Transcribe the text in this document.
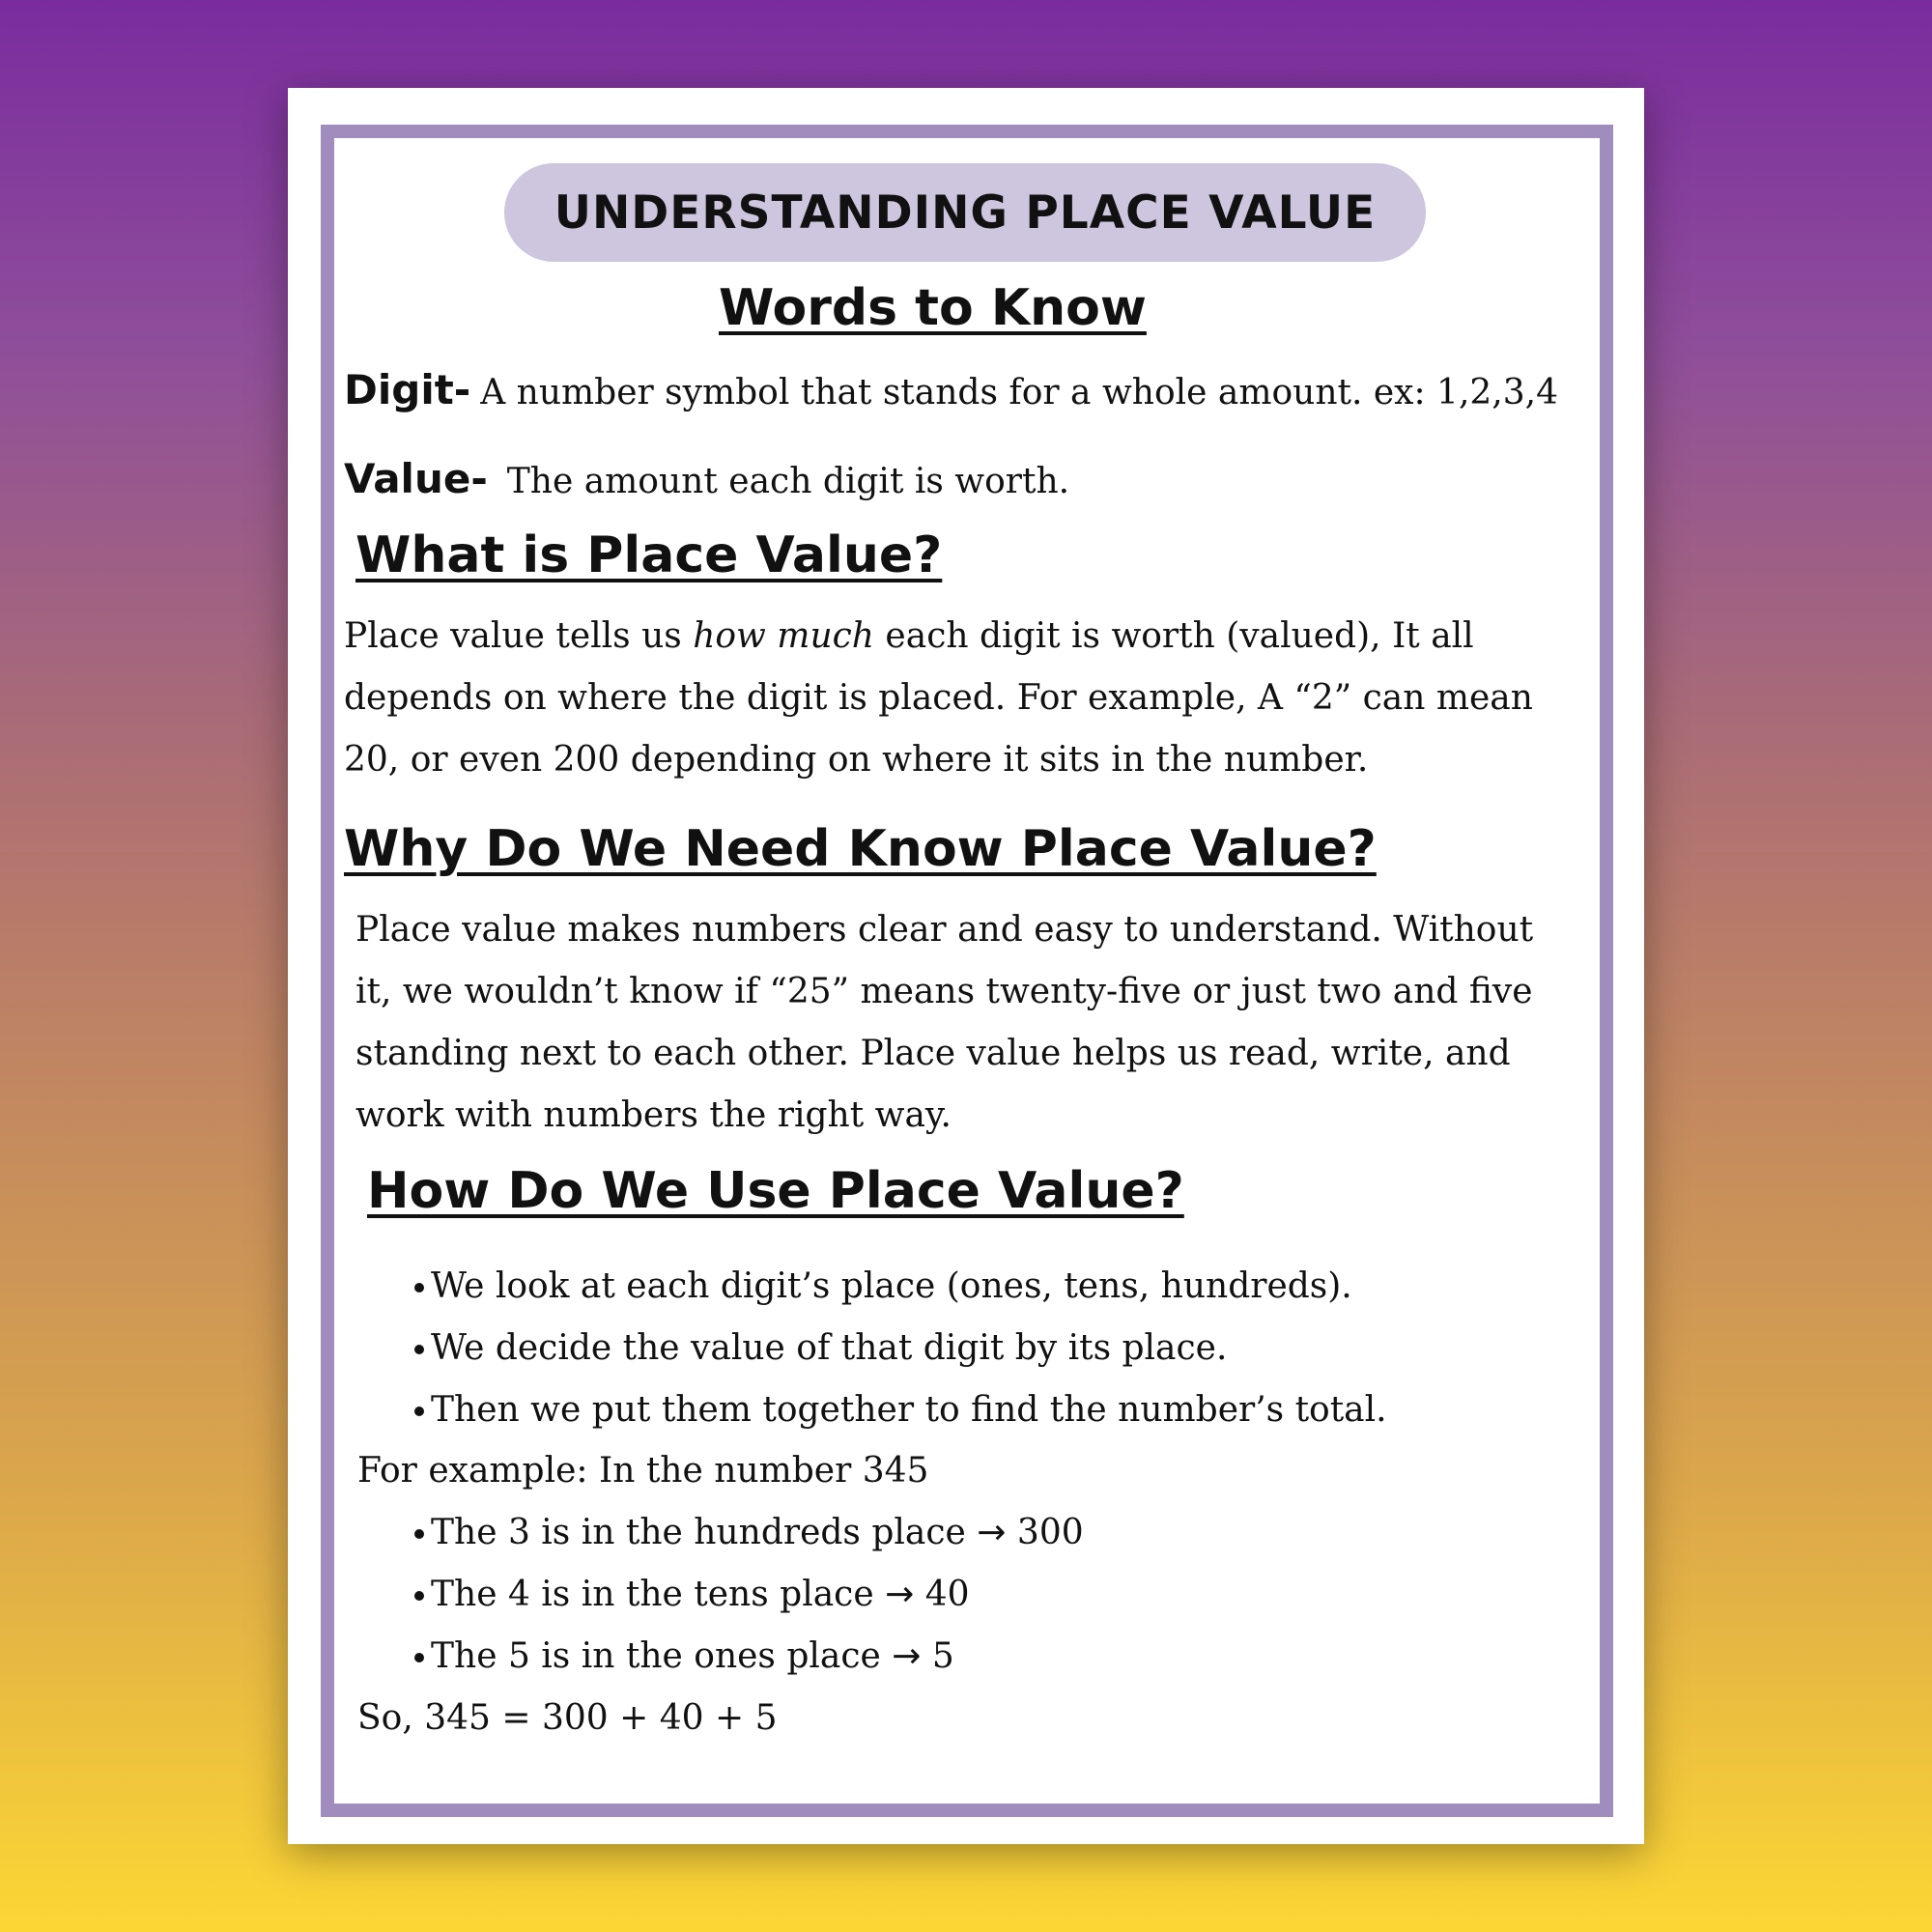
UNDERSTANDING PLACE VALUE
Words to Know
Digit- A number symbol that stands for a whole amount. ex: 1,2,3,4
Value- The amount each digit is worth.
What is Place Value?

Place value tells us how much each digit is worth (valued), It all depends on where the digit is placed. For example, A “2” can mean 20, or even 200 depending on where it sits in the number.

Why Do We Need Know Place Value?

Place value makes numbers clear and easy to understand. Without it, we wouldn’t know if “25” means twenty-five or just two and five standing next to each other. Place value helps us read, write, and work with numbers the right way.

How Do We Use Place Value?
We look at each digit’s place (ones, tens, hundreds).
We decide the value of that digit by its place.
Then we put them together to find the number’s total.
For example: In the number 345
The 3 is in the hundreds place → 300
The 4 is in the tens place → 40
The 5 is in the ones place → 5
So, 345 = 300 + 40 + 5
